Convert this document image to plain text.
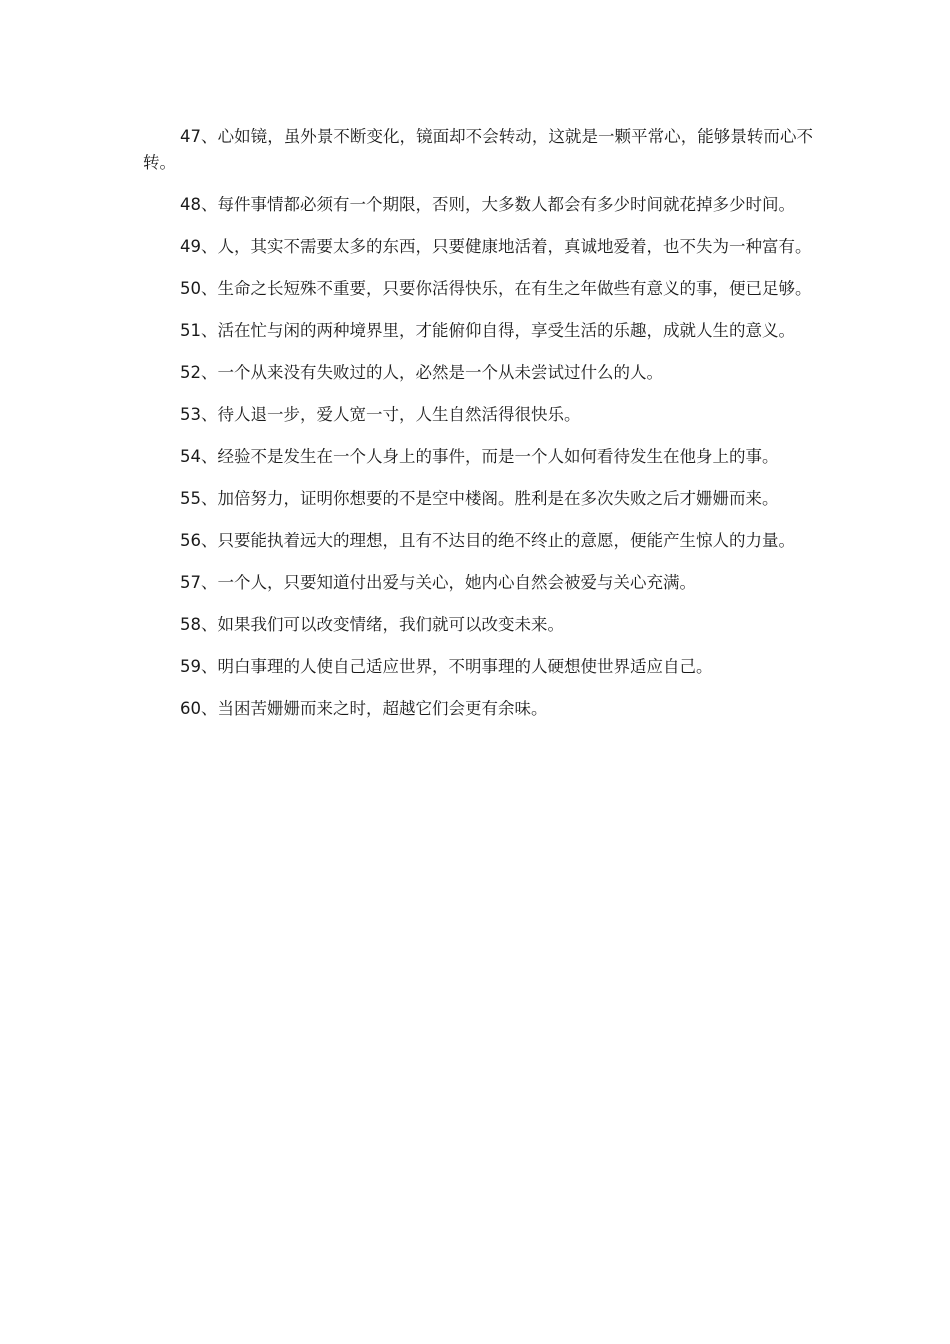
47、心如镜，虽外景不断变化，镜面却不会转动，这就是一颗平常心，能够景转而心不转。

48、每件事情都必须有一个期限，否则，大多数人都会有多少时间就花掉多少时间。

49、人，其实不需要太多的东西，只要健康地活着，真诚地爱着，也不失为一种富有。

50、生命之长短殊不重要，只要你活得快乐，在有生之年做些有意义的事，便已足够。

51、活在忙与闲的两种境界里，才能俯仰自得，享受生活的乐趣，成就人生的意义。

52、一个从来没有失败过的人，必然是一个从未尝试过什么的人。

53、待人退一步，爱人宽一寸，人生自然活得很快乐。

54、经验不是发生在一个人身上的事件，而是一个人如何看待发生在他身上的事。

55、加倍努力，证明你想要的不是空中楼阁。胜利是在多次失败之后才姗姗而来。

56、只要能执着远大的理想，且有不达目的绝不终止的意愿，便能产生惊人的力量。

57、一个人，只要知道付出爱与关心，她内心自然会被爱与关心充满。

58、如果我们可以改变情绪，我们就可以改变未来。

59、明白事理的人使自己适应世界，不明事理的人硬想使世界适应自己。

60、当困苦姗姗而来之时，超越它们会更有余味。
